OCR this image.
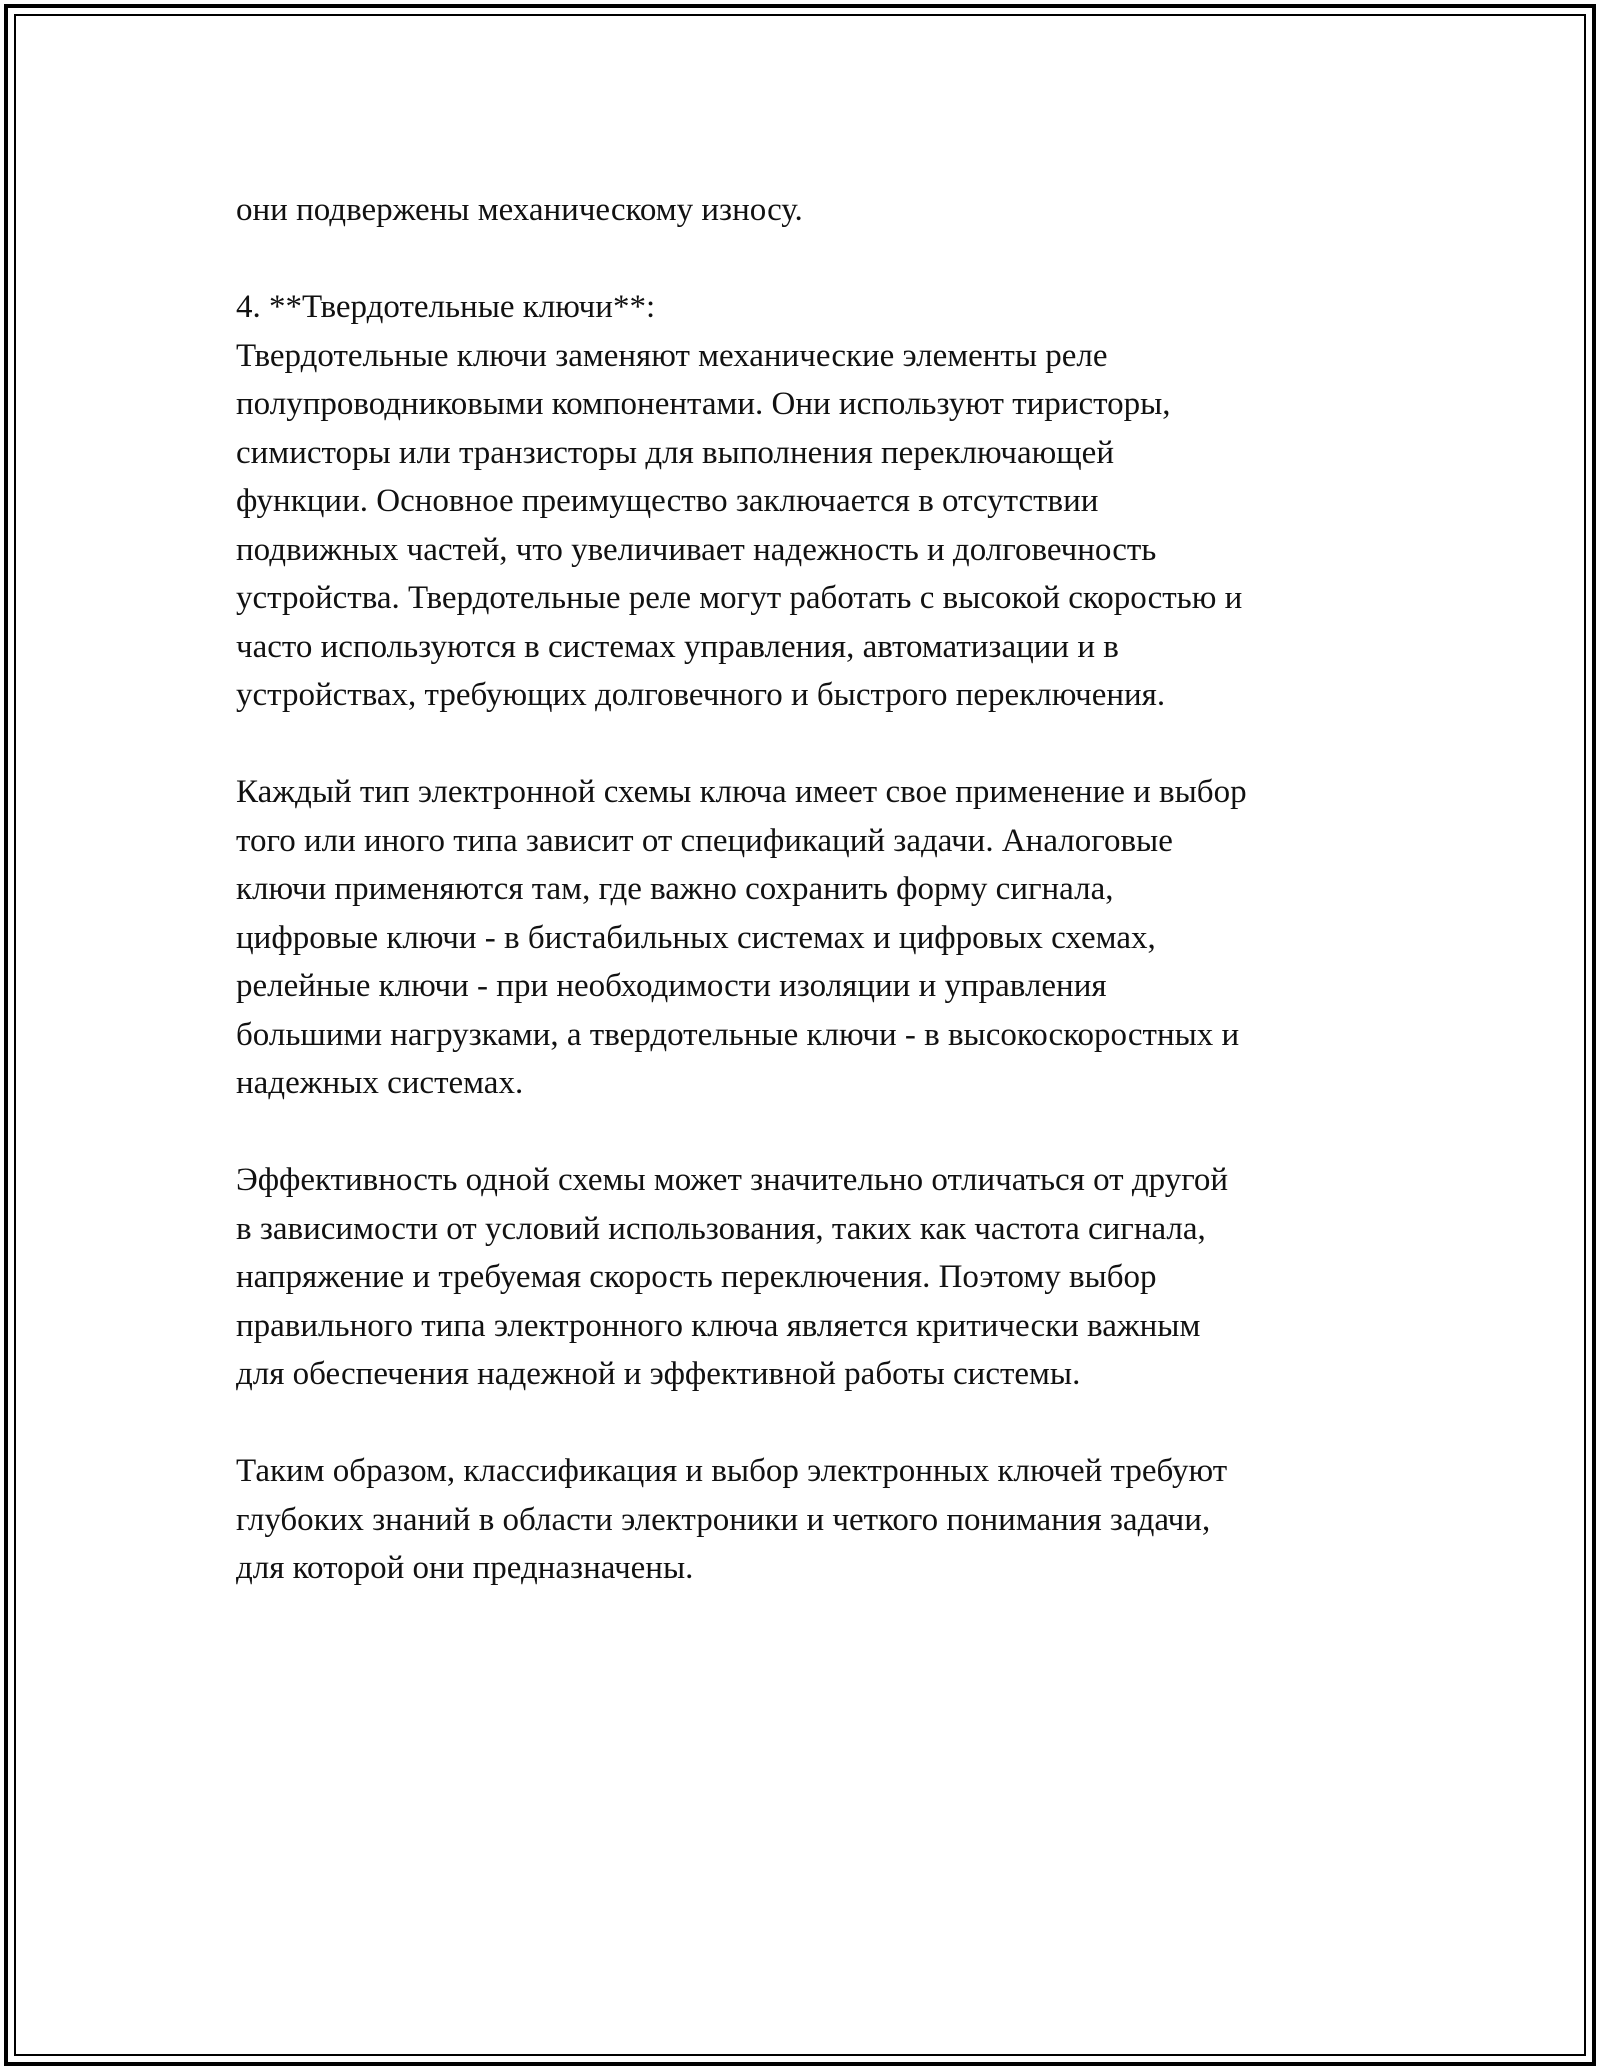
они подвержены механическому износу.
4. **Твердотельные ключи**:
Твердотельные ключи заменяют механические элементы реле
полупроводниковыми компонентами. Они используют тиристоры,
симисторы или транзисторы для выполнения переключающей
функции. Основное преимущество заключается в отсутствии
подвижных частей, что увеличивает надежность и долговечность
устройства. Твердотельные реле могут работать с высокой скоростью и
часто используются в системах управления, автоматизации и в
устройствах, требующих долговечного и быстрого переключения.
Каждый тип электронной схемы ключа имеет свое применение и выбор
того или иного типа зависит от спецификаций задачи. Аналоговые
ключи применяются там, где важно сохранить форму сигнала,
цифровые ключи - в бистабильных системах и цифровых схемах,
релейные ключи - при необходимости изоляции и управления
большими нагрузками, а твердотельные ключи - в высокоскоростных и
надежных системах.
Эффективность одной схемы может значительно отличаться от другой
в зависимости от условий использования, таких как частота сигнала,
напряжение и требуемая скорость переключения. Поэтому выбор
правильного типа электронного ключа является критически важным
для обеспечения надежной и эффективной работы системы.
Таким образом, классификация и выбор электронных ключей требуют
глубоких знаний в области электроники и четкого понимания задачи,
для которой они предназначены.
